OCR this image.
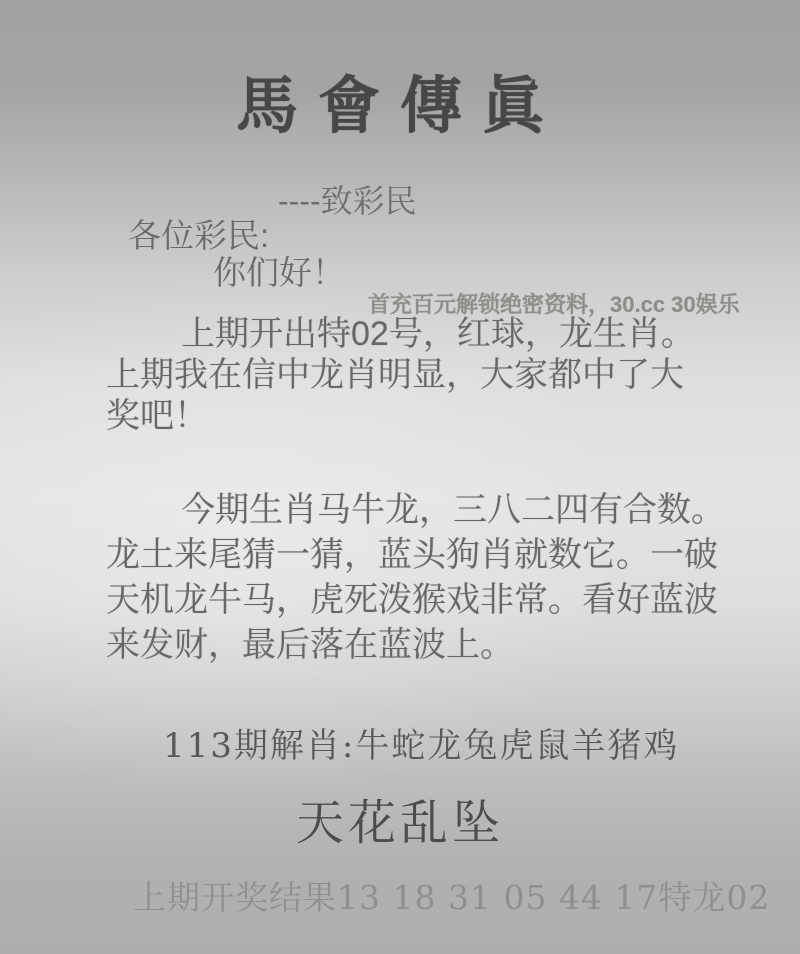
馬會傳眞
----致彩民
各位彩民:
你们好！
首充百元解锁绝密资料，30.cc 30娱乐
上期开出特02号，红球，龙生肖。
上期我在信中龙肖明显，大家都中了大
奖吧！
今期生肖马牛龙，三八二四有合数。
龙土来尾猜一猜，蓝头狗肖就数它。一破
天机龙牛马，虎死泼猴戏非常。看好蓝波
来发财，最后落在蓝波上。
113期解肖:牛蛇龙兔虎鼠羊猪鸡
天花乱坠
上期开奖结果13 18 31 05 44 17特龙02
